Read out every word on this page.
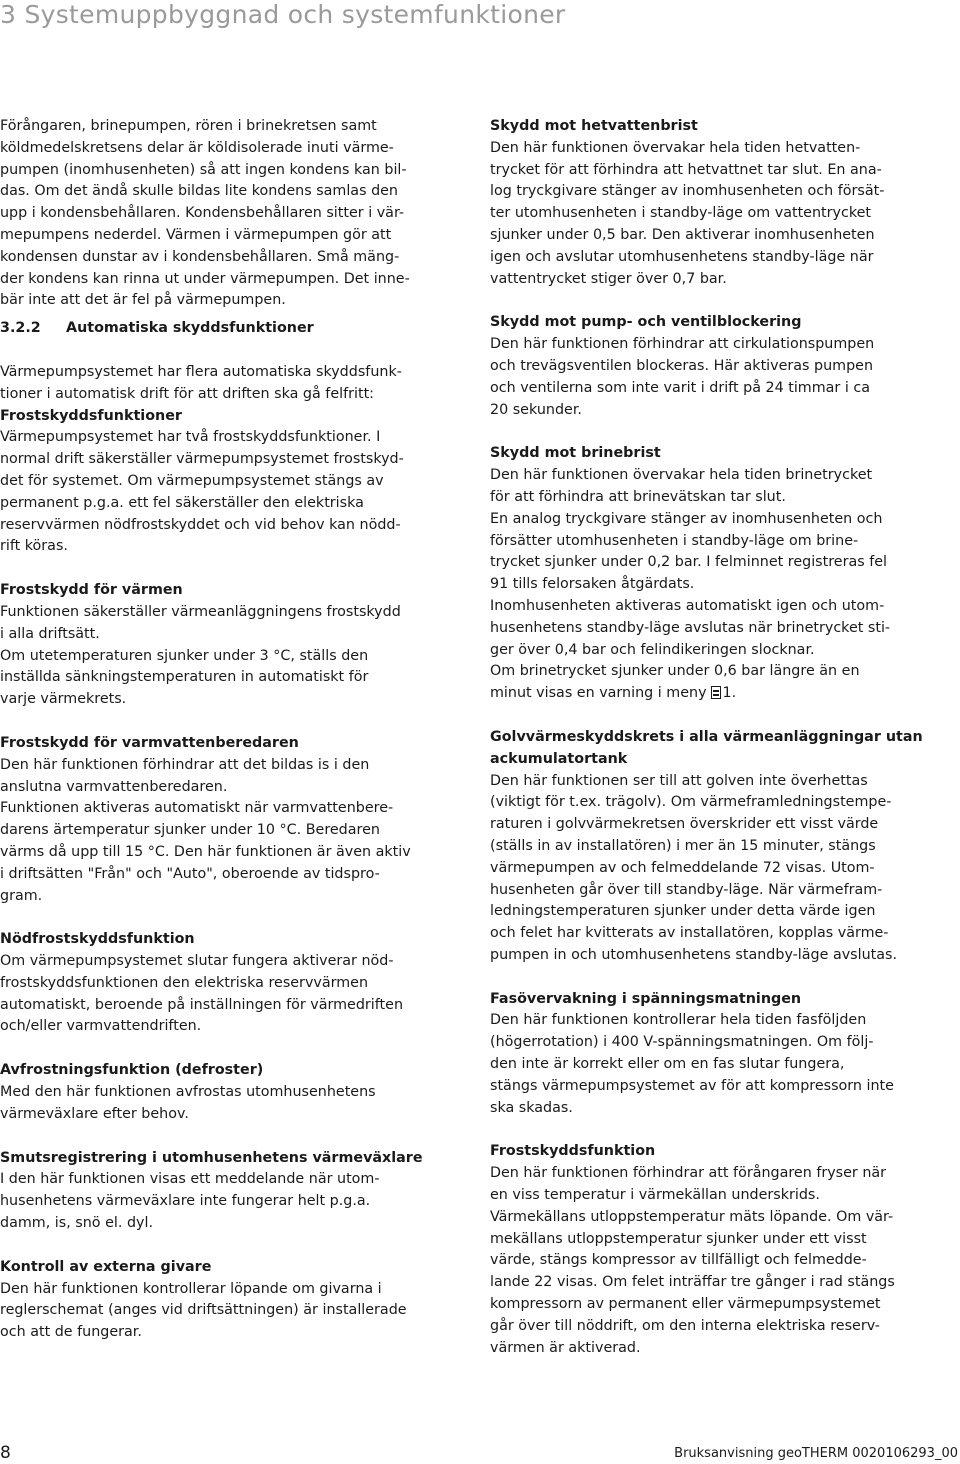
3 Systemuppbyggnad och systemfunktioner

Förångaren, brinepumpen, rören i brinekretsen samt
köldmedelskretsens delar är köldisolerade inuti värme-
pumpen (inomhusenheten) så att ingen kondens kan bil-
das. Om det ändå skulle bildas lite kondens samlas den
upp i kondensbehållaren. Kondensbehållaren sitter i vär-
mepumpens nederdel. Värmen i värmepumpen gör att
kondensen dunstar av i kondensbehållaren. Små mäng-
der kondens kan rinna ut under värmepumpen. Det inne-
bär inte att det är fel på värmepumpen.

3.2.2 Automatiska skyddsfunktioner

Värmepumpsystemet har flera automatiska skyddsfunk-
tioner i automatisk drift för att driften ska gå felfritt:

Frostskyddsfunktioner

Värmepumpsystemet har två frostskyddsfunktioner. I
normal drift säkerställer värmepumpsystemet frostskyd-
det för systemet. Om värmepumpsystemet stängs av
permanent p.g.a. ett fel säkerställer den elektriska
reservvärmen nödfrostskyddet och vid behov kan nödd-
rift köras.

Frostskydd för värmen

Funktionen säkerställer värmeanläggningens frostskydd
i alla driftsätt.
Om utetemperaturen sjunker under 3 °C, ställs den
inställda sänkningstemperaturen in automatiskt för
varje värmekrets.

Frostskydd för varmvattenberedaren

Den här funktionen förhindrar att det bildas is i den
anslutna varmvattenberedaren.
Funktionen aktiveras automatiskt när varmvattenbere-
darens ärtemperatur sjunker under 10 °C. Beredaren
värms då upp till 15 °C. Den här funktionen är även aktiv
i driftsätten "Från" och "Auto", oberoende av tidspro-
gram.

Nödfrostskyddsfunktion

Om värmepumpsystemet slutar fungera aktiverar nöd-
frostskyddsfunktionen den elektriska reservvärmen
automatiskt, beroende på inställningen för värmedriften
och/eller varmvattendriften.

Avfrostningsfunktion (defroster)

Med den här funktionen avfrostas utomhusenhetens
värmeväxlare efter behov.

Smutsregistrering i utomhusenhetens värmeväxlare

I den här funktionen visas ett meddelande när utom-
husenhetens värmeväxlare inte fungerar helt p.g.a.
damm, is, snö el. dyl.

Kontroll av externa givare

Den här funktionen kontrollerar löpande om givarna i
reglerschemat (anges vid driftsättningen) är installerade
och att de fungerar.

Skydd mot hetvattenbrist

Den här funktionen övervakar hela tiden hetvatten-
trycket för att förhindra att hetvattnet tar slut. En ana-
log tryckgivare stänger av inomhusenheten och försät-
ter utomhusenheten i standby-läge om vattentrycket
sjunker under 0,5 bar. Den aktiverar inomhusenheten
igen och avslutar utomhusenhetens standby-läge när
vattentrycket stiger över 0,7 bar.

Skydd mot pump- och ventilblockering

Den här funktionen förhindrar att cirkulationspumpen
och trevägsventilen blockeras. Här aktiveras pumpen
och ventilerna som inte varit i drift på 24 timmar i ca
20 sekunder.

Skydd mot brinebrist

Den här funktionen övervakar hela tiden brinetrycket
för att förhindra att brinevätskan tar slut.
En analog tryckgivare stänger av inomhusenheten och
försätter utomhusenheten i standby-läge om brine-
trycket sjunker under 0,2 bar. I felminnet registreras fel
91 tills felorsaken åtgärdats.
Inomhusenheten aktiveras automatiskt igen och utom-
husenhetens standby-läge avslutas när brinetrycket sti-
ger över 0,4 bar och felindikeringen slocknar.
Om brinetrycket sjunker under 0,6 bar längre än en

minut visas en varning i meny 1.

Golvvärmeskyddskrets i alla värmeanläggningar utan
ackumulatortank

Den här funktionen ser till att golven inte överhettas
(viktigt för t.ex. trägolv). Om värmeframledningstempe-
raturen i golvvärmekretsen överskrider ett visst värde
(ställs in av installatören) i mer än 15 minuter, stängs
värmepumpen av och felmeddelande 72 visas. Utom-
husenheten går över till standby-läge. När värmefram-
ledningstemperaturen sjunker under detta värde igen
och felet har kvitterats av installatören, kopplas värme-
pumpen in och utomhusenhetens standby-läge avslutas.

Fasövervakning i spänningsmatningen

Den här funktionen kontrollerar hela tiden fasföljden
(högerrotation) i 400 V-spänningsmatningen. Om följ-
den inte är korrekt eller om en fas slutar fungera,
stängs värmepumpsystemet av för att kompressorn inte
ska skadas.

Frostskyddsfunktion

Den här funktionen förhindrar att förångaren fryser när
en viss temperatur i värmekällan underskrids.
Värmekällans utloppstemperatur mäts löpande. Om vär-
mekällans utloppstemperatur sjunker under ett visst
värde, stängs kompressor av tillfälligt och felmedde-
lande 22 visas. Om felet inträffar tre gånger i rad stängs
kompressorn av permanent eller värmepumpsystemet
går över till nöddrift, om den interna elektriska reserv-
värmen är aktiverad.

8	Bruksanvisning geoTHERM 0020106293_00
